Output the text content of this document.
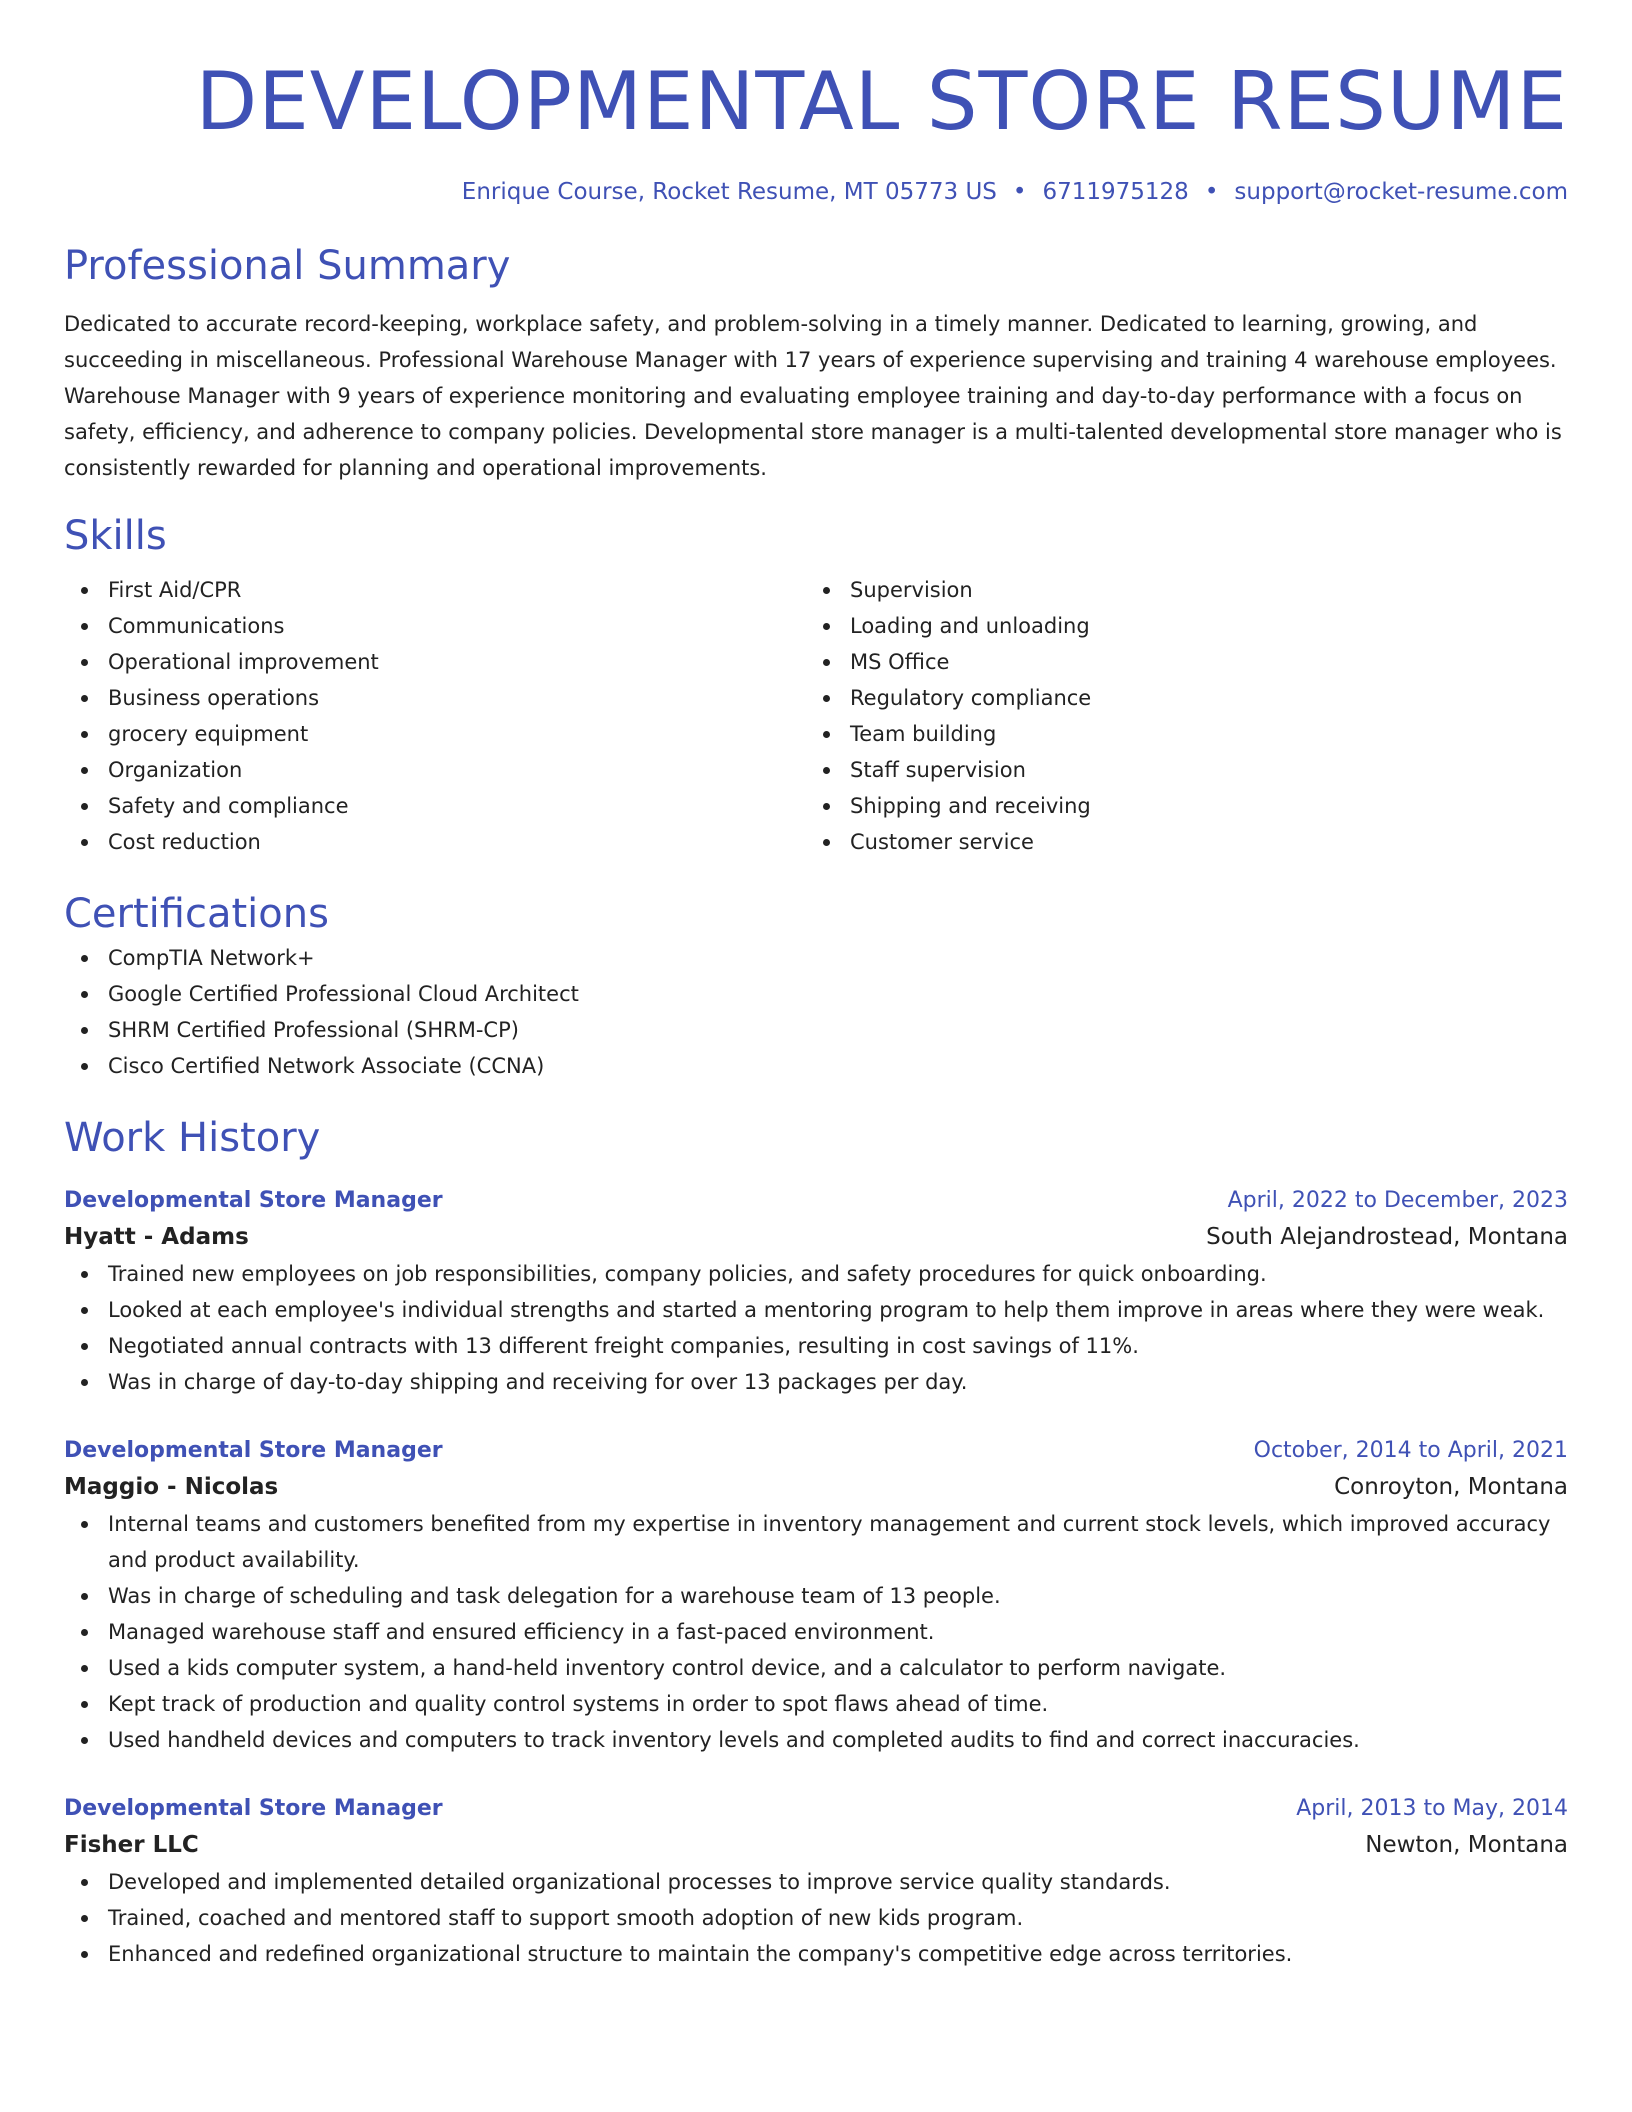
DEVELOPMENTAL STORE RESUME
Enrique Course, Rocket Resume, MT 05773 US • 6711975128 • support@rocket-resume.com
Professional Summary

Dedicated to accurate record-keeping, workplace safety, and problem-solving in a timely manner. Dedicated to learning, growing, and succeeding in miscellaneous. Professional Warehouse Manager with 17 years of experience supervising and training 4 warehouse employees. Warehouse Manager with 9 years of experience monitoring and evaluating employee training and day-to-day performance with a focus on safety, efficiency, and adherence to company policies. Developmental store manager is a multi-talented developmental store manager who is consistently rewarded for planning and operational improvements.

Skills
First Aid/CPR
Communications
Operational improvement
Business operations
grocery equipment
Organization
Safety and compliance
Cost reduction
Supervision
Loading and unloading
MS Office
Regulatory compliance
Team building
Staff supervision
Shipping and receiving
Customer service
Certifications
CompTIA Network+
Google Certified Professional Cloud Architect
SHRM Certified Professional (SHRM-CP)
Cisco Certified Network Associate (CCNA)
Work History
Developmental Store Manager	April, 2022 to December, 2023
Hyatt - Adams	South Alejandrostead, Montana
Trained new employees on job responsibilities, company policies, and safety procedures for quick onboarding.
Looked at each employee's individual strengths and started a mentoring program to help them improve in areas where they were weak.
Negotiated annual contracts with 13 different freight companies, resulting in cost savings of 11%.
Was in charge of day-to-day shipping and receiving for over 13 packages per day.
Developmental Store Manager	October, 2014 to April, 2021
Maggio - Nicolas	Conroyton, Montana
Internal teams and customers benefited from my expertise in inventory management and current stock levels, which improved accuracy and product availability.
Was in charge of scheduling and task delegation for a warehouse team of 13 people.
Managed warehouse staff and ensured efficiency in a fast-paced environment.
Used a kids computer system, a hand-held inventory control device, and a calculator to perform navigate.
Kept track of production and quality control systems in order to spot flaws ahead of time.
Used handheld devices and computers to track inventory levels and completed audits to find and correct inaccuracies.
Developmental Store Manager	April, 2013 to May, 2014
Fisher LLC	Newton, Montana
Developed and implemented detailed organizational processes to improve service quality standards.
Trained, coached and mentored staff to support smooth adoption of new kids program.
Enhanced and redefined organizational structure to maintain the company's competitive edge across territories.
